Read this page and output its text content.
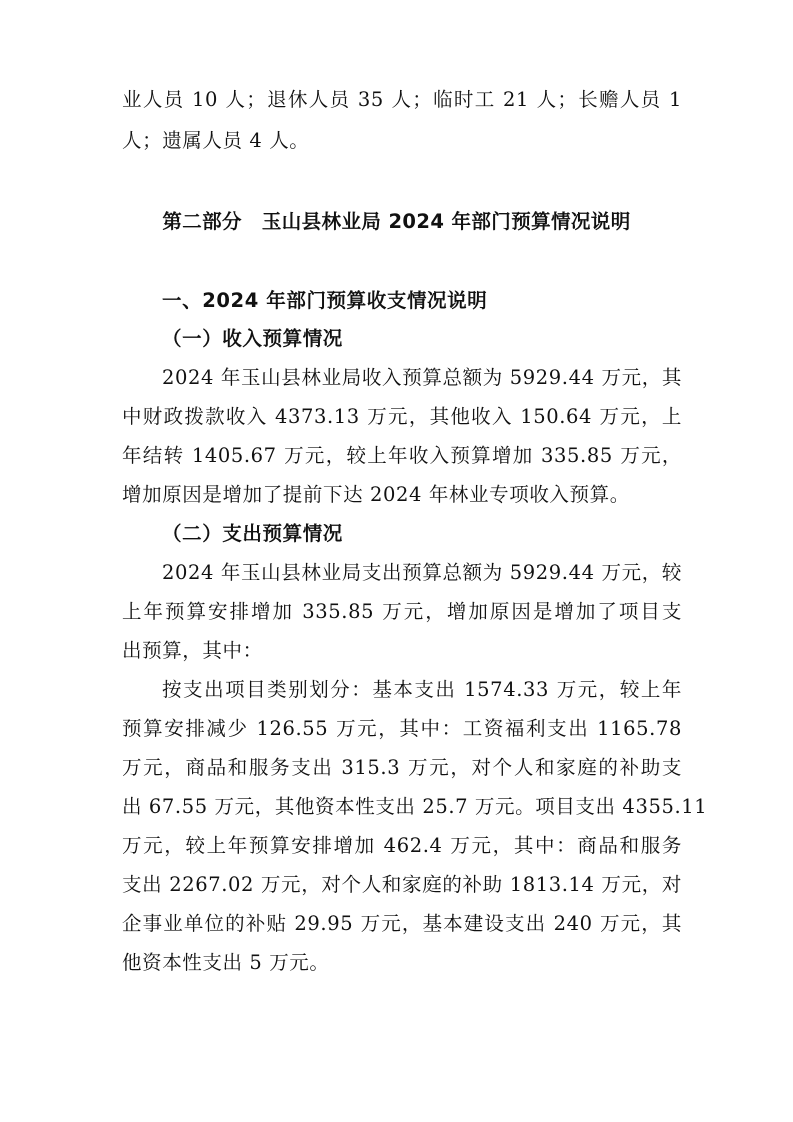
业人员 10 人；退休人员 35 人；临时工 21 人；长赡人员 1
人；遗属人员 4 人。
第二部分　玉山县林业局 2024 年部门预算情况说明
一、2024 年部门预算收支情况说明
（一）收入预算情况
2024 年玉山县林业局收入预算总额为 5929.44 万元，其
中财政拨款收入 4373.13 万元，其他收入 150.64 万元，上
年结转 1405.67 万元，较上年收入预算增加 335.85 万元，
增加原因是增加了提前下达 2024 年林业专项收入预算。
（二）支出预算情况
2024 年玉山县林业局支出预算总额为 5929.44 万元，较
上年预算安排增加 335.85 万元，增加原因是增加了项目支
出预算，其中：
按支出项目类别划分：基本支出 1574.33 万元，较上年
预算安排减少 126.55 万元，其中：工资福利支出 1165.78
万元，商品和服务支出 315.3 万元，对个人和家庭的补助支
出 67.55 万元，其他资本性支出 25.7 万元。项目支出 4355.11
万元，较上年预算安排增加 462.4 万元，其中：商品和服务
支出 2267.02 万元，对个人和家庭的补助 1813.14 万元，对
企事业单位的补贴 29.95 万元，基本建设支出 240 万元，其
他资本性支出 5 万元。
